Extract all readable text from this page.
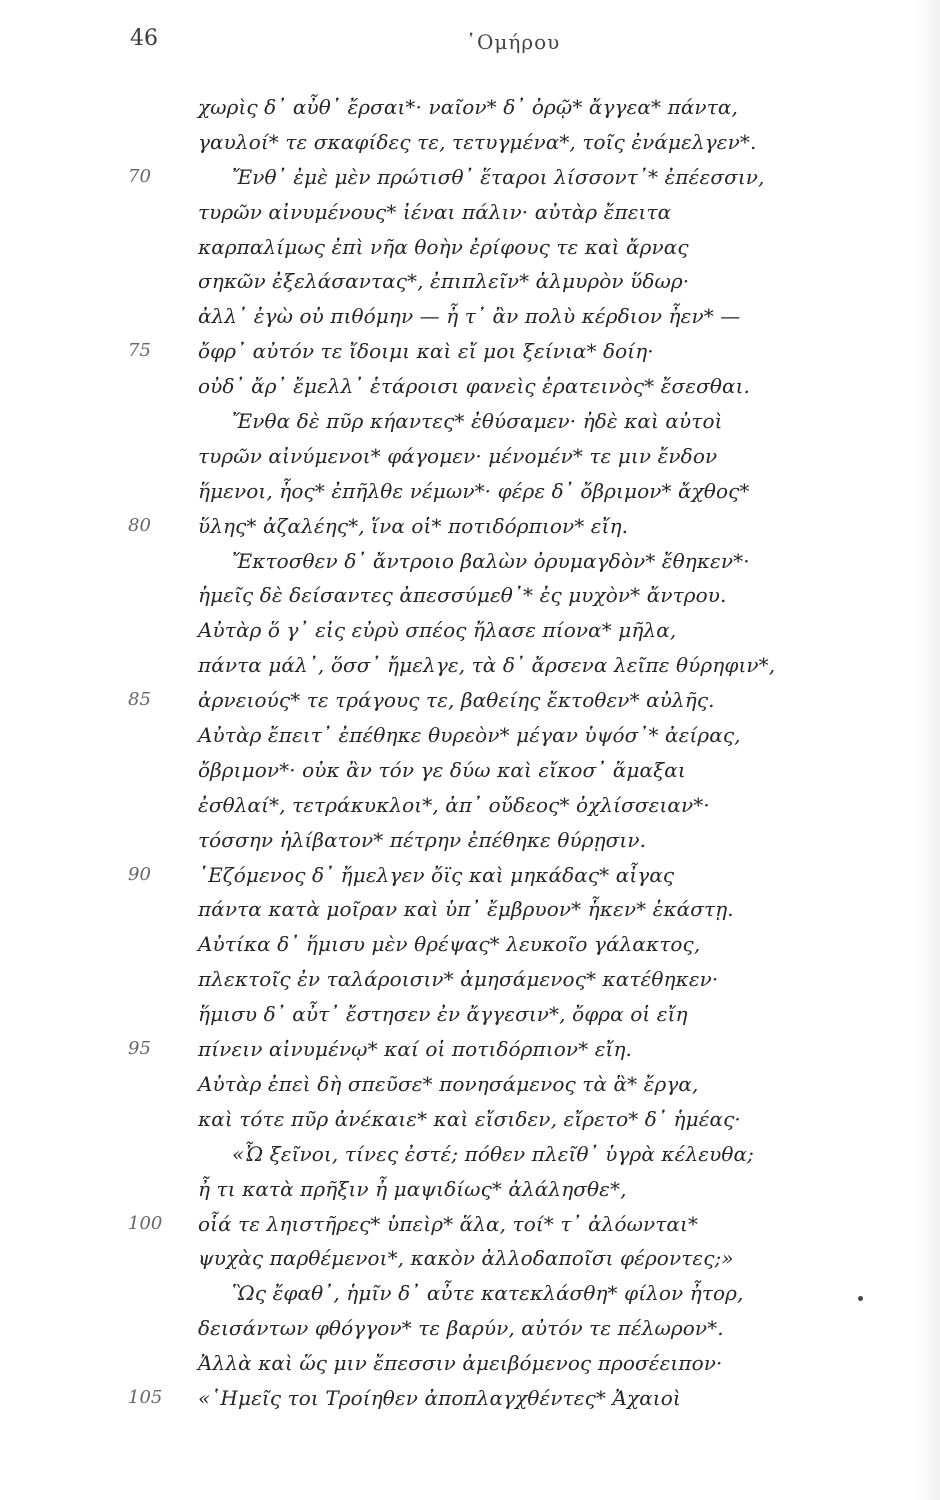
46	῾Ομήρου
χωρὶς δ᾿ αὖθ᾿ ἔρσαι*· ναῖον* δ᾿ ὀρῷ* ἄγγεα* πάντα,
γαυλοί* τε σκαφίδες τε, τετυγμένα*, τοῖς ἐνάμελγεν*.
70	Ἔνθ᾿ ἐμὲ μὲν πρώτισθ᾿ ἕταροι λίσσοντ᾿* ἐπέεσσιν,
τυρῶν αἰνυμένους* ἰέναι πάλιν· αὐτὰρ ἔπειτα
καρπαλίμως ἐπὶ νῆα θοὴν ἐρίφους τε καὶ ἄρνας
σηκῶν ἐξελάσαντας*, ἐπιπλεῖν* ἁλμυρὸν ὕδωρ·
ἀλλ᾿ ἐγὼ οὐ πιθόμην — ἦ τ᾿ ἂν πολὺ κέρδιον ἦεν* —
75	ὄφρ᾿ αὐτόν τε ἴδοιμι καὶ εἴ μοι ξείνια* δοίη·
οὐδ᾿ ἄρ᾿ ἔμελλ᾿ ἑτάροισι φανεὶς ἐρατεινὸς* ἔσεσθαι.
Ἔνθα δὲ πῦρ κήαντες* ἐθύσαμεν· ἠδὲ καὶ αὐτοὶ
τυρῶν αἰνύμενοι* φάγομεν· μένομέν* τε μιν ἔνδον
ἥμενοι, ἧος* ἐπῆλθε νέμων*· φέρε δ᾿ ὄβριμον* ἄχθος*
80	ὕλης* ἀζαλέης*, ἵνα οἱ* ποτιδόρπιον* εἴη.
Ἔκτοσθεν δ᾿ ἄντροιο βαλὼν ὀρυμαγδὸν* ἔθηκεν*·
ἡμεῖς δὲ δείσαντες ἀπεσσύμεθ᾿* ἐς μυχὸν* ἄντρου.
Αὐτὰρ ὅ γ᾿ εἰς εὐρὺ σπέος ἤλασε πίονα* μῆλα,
πάντα μάλ᾿, ὅσσ᾿ ἤμελγε, τὰ δ᾿ ἄρσενα λεῖπε θύρηφιν*,
85	ἀρνειούς* τε τράγους τε, βαθείης ἔκτοθεν* αὐλῆς.
Αὐτὰρ ἔπειτ᾿ ἐπέθηκε θυρεὸν* μέγαν ὑψόσ᾿* ἀείρας,
ὄβριμον*· οὐκ ἂν τόν γε δύω καὶ εἴκοσ᾿ ἅμαξαι
ἐσθλαί*, τετράκυκλοι*, ἀπ᾿ οὔδεος* ὀχλίσσειαν*·
τόσσην ἠλίβατον* πέτρην ἐπέθηκε θύρῃσιν.
90	῾Εζόμενος δ᾿ ἤμελγεν ὄϊς καὶ μηκάδας* αἶγας
πάντα κατὰ μοῖραν καὶ ὑπ᾿ ἔμβρυον* ἧκεν* ἑκάστῃ.
Αὐτίκα δ᾿ ἥμισυ μὲν θρέψας* λευκοῖο γάλακτος,
πλεκτοῖς ἐν ταλάροισιν* ἀμησάμενος* κατέθηκεν·
ἥμισυ δ᾿ αὖτ᾿ ἔστησεν ἐν ἄγγεσιν*, ὄφρα οἱ εἴη
95	πίνειν αἰνυμένῳ* καί οἱ ποτιδόρπιον* εἴη.
Αὐτὰρ ἐπεὶ δὴ σπεῦσε* πονησάμενος τὰ ἃ* ἔργα,
καὶ τότε πῦρ ἀνέκαιε* καὶ εἴσιδεν, εἴρετο* δ᾿ ἡμέας·
«Ὦ ξεῖνοι, τίνες ἐστέ; πόθεν πλεῖθ᾿ ὑγρὰ κέλευθα;
ἦ τι κατὰ πρῆξιν ἦ μαψιδίως* ἀλάλησθε*,
100 οἷά τε ληιστῆρες* ὑπεὶρ* ἅλα, τοί* τ᾿ ἀλόωνται*
ψυχὰς παρθέμενοι*, κακὸν ἀλλοδαποῖσι φέροντες;»
Ὣς ἔφαθ᾿, ἡμῖν δ᾿ αὖτε κατεκλάσθη* φίλον ἦτορ,
δεισάντων φθόγγον* τε βαρύν, αὐτόν τε πέλωρον*.
Ἀλλὰ καὶ ὥς μιν ἔπεσσιν ἀμειβόμενος προσέειπον·
105 «῾Ημεῖς τοι Τροίηθεν ἀποπλαγχθέντες* Ἀχαιοὶ
